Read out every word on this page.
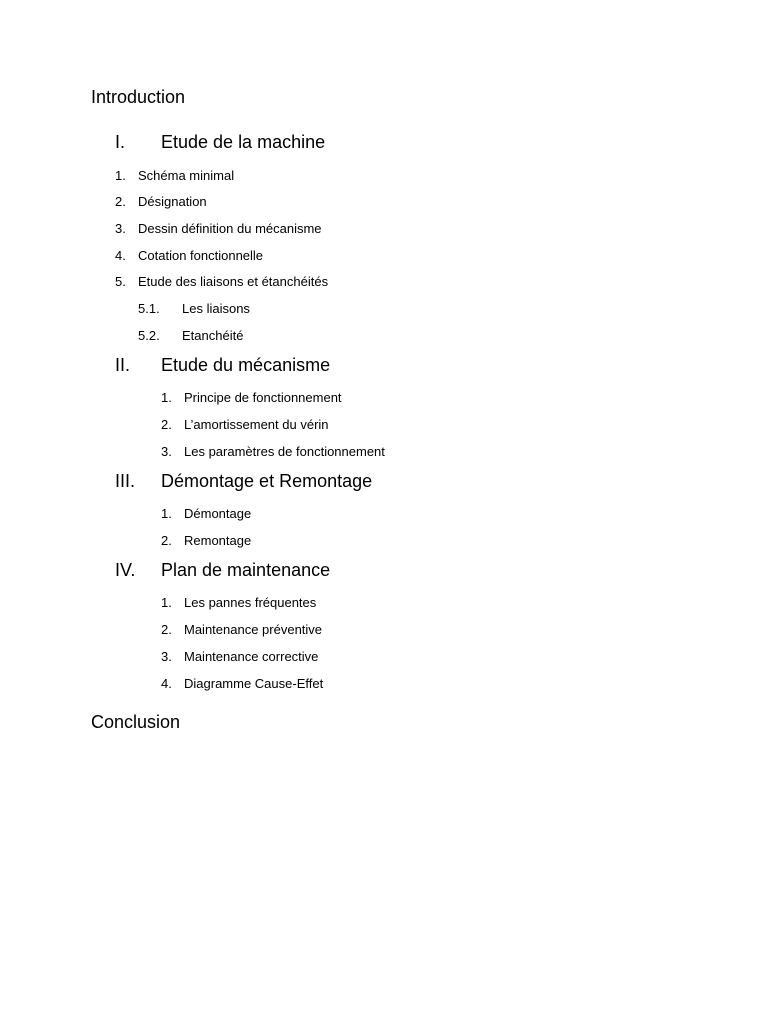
Introduction
I. Etude de la machine
1. Schéma minimal
2. Désignation
3. Dessin définition du mécanisme
4. Cotation fonctionnelle
5. Etude des liaisons et étanchéités
5.1. Les liaisons
5.2. Etanchéité
II. Etude du mécanisme
1. Principe de fonctionnement
2. L’amortissement du vérin
3. Les paramètres de fonctionnement
III. Démontage et Remontage
1. Démontage
2. Remontage
IV. Plan de maintenance
1. Les pannes fréquentes
2. Maintenance préventive
3. Maintenance corrective
4. Diagramme Cause-Effet
Conclusion
